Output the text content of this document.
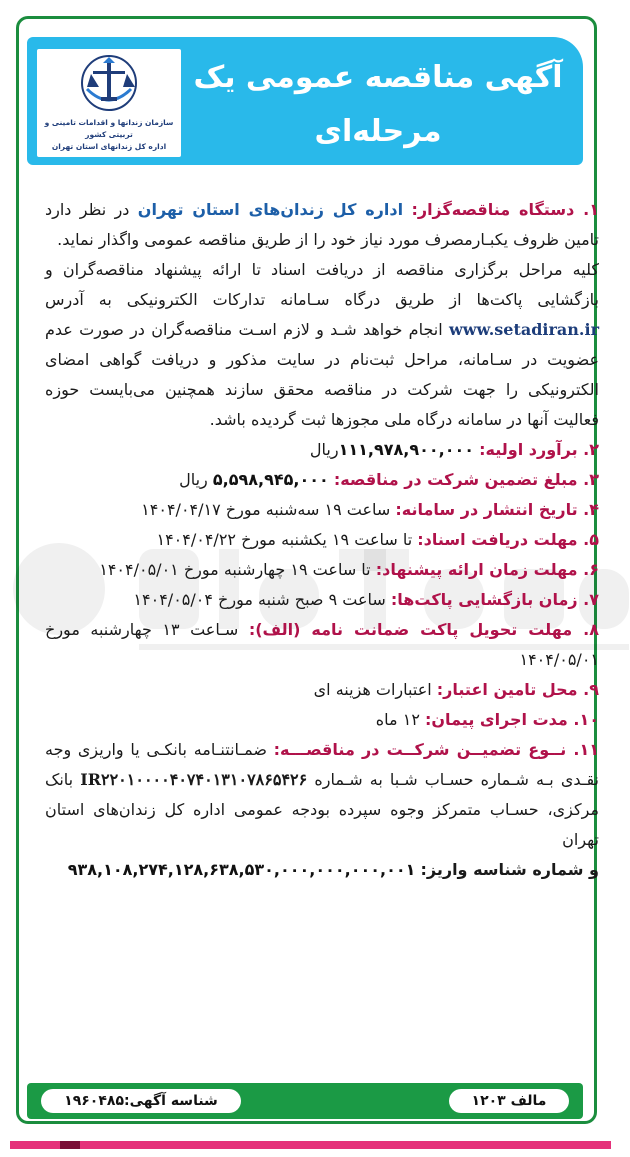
آگهی مناقصه عمومی یک مرحله‌ای
ظروف یک‌بار مصرف
سازمان زندانها و اقدامات تامینی و تربیتی کشور
اداره کل زندانهای استان تهران

۱. دستگاه مناقصه‌گزار: اداره کل زندان‌های استان تهران در نظر دارد تامین ظروف یکبـارمصرف مورد نیاز خود را از طریق مناقصه عمومی واگذار نماید.

کلیه مراحل برگزاری مناقصه از دریافت اسناد تا ارائه پیشنهاد مناقصه‌گران و بازگشایی پاکت‌ها از طریق درگاه سـامانه تدارکات الکترونیکی به آدرس www.setadiran.ir انجام خواهد شـد و لازم اسـت مناقصه‌گران در صورت عدم عضویت در سـامانه، مراحل ثبت‌نام در سایت مذکور و دریافت گواهی امضای الکترونیکی را جهت شرکت در مناقصه محقق سازند همچنین می‌بایست حوزه فعالیت آنها در سامانه درگاه ملی مجوزها ثبت گردیده باشد.

۲. برآورد اولیه: ۱۱۱,۹۷۸,۹۰۰,۰۰۰ریال

۳. مبلغ تضمین شرکت در مناقصه: ۵,۵۹۸,۹۴۵,۰۰۰ ریال

۴. تاریخ انتشار در سامانه: ساعت ۱۹ سه‌شنبه مورخ ۱۴۰۴/۰۴/۱۷

۵. مهلت دریافت اسناد: تا ساعت ۱۹ یکشنبه مورخ ۱۴۰۴/۰۴/۲۲

۶. مهلت زمان ارائه پیشنهاد: تا ساعت ۱۹ چهارشنبه مورخ ۱۴۰۴/۰۵/۰۱

۷. زمان بازگشایی پاکت‌ها: ساعت ۹ صبح شنبه مورخ ۱۴۰۴/۰۵/۰۴

۸. مهلت تحویل پاکت ضمانت نامه (الف): سـاعت ۱۳ چهارشنبه مورخ ۱۴۰۴/۰۵/۰۱

۹. محل تامین اعتبار: اعتبارات هزینه ای

۱۰. مدت اجرای پیمان: ۱۲ ماه

۱۱. نــوع تضمیــن شرکــت در مناقصـــه: ضمـانتنـامه بانکـی یا واریزی وجه نقـدی بـه شـماره حسـاب شـبا به شـماره IR۲۲۰۱۰۰۰۰۴۰۷۴۰۱۳۱۰۷۸۶۵۴۲۶ بانک مرکزی، حسـاب متمرکز وجوه سپرده بودجه عمومی اداره کل زندان‌های استان تهران

و شماره شناسه واریز: ۹۳۸,۱۰۸,۲۷۴,۱۲۸,۶۳۸,۵۳۰,۰۰۰,۰۰۰,۰۰۰,۰۰۱

شناسه آگهی:۱۹۶۰۴۸۵	مالف ۱۲۰۳
